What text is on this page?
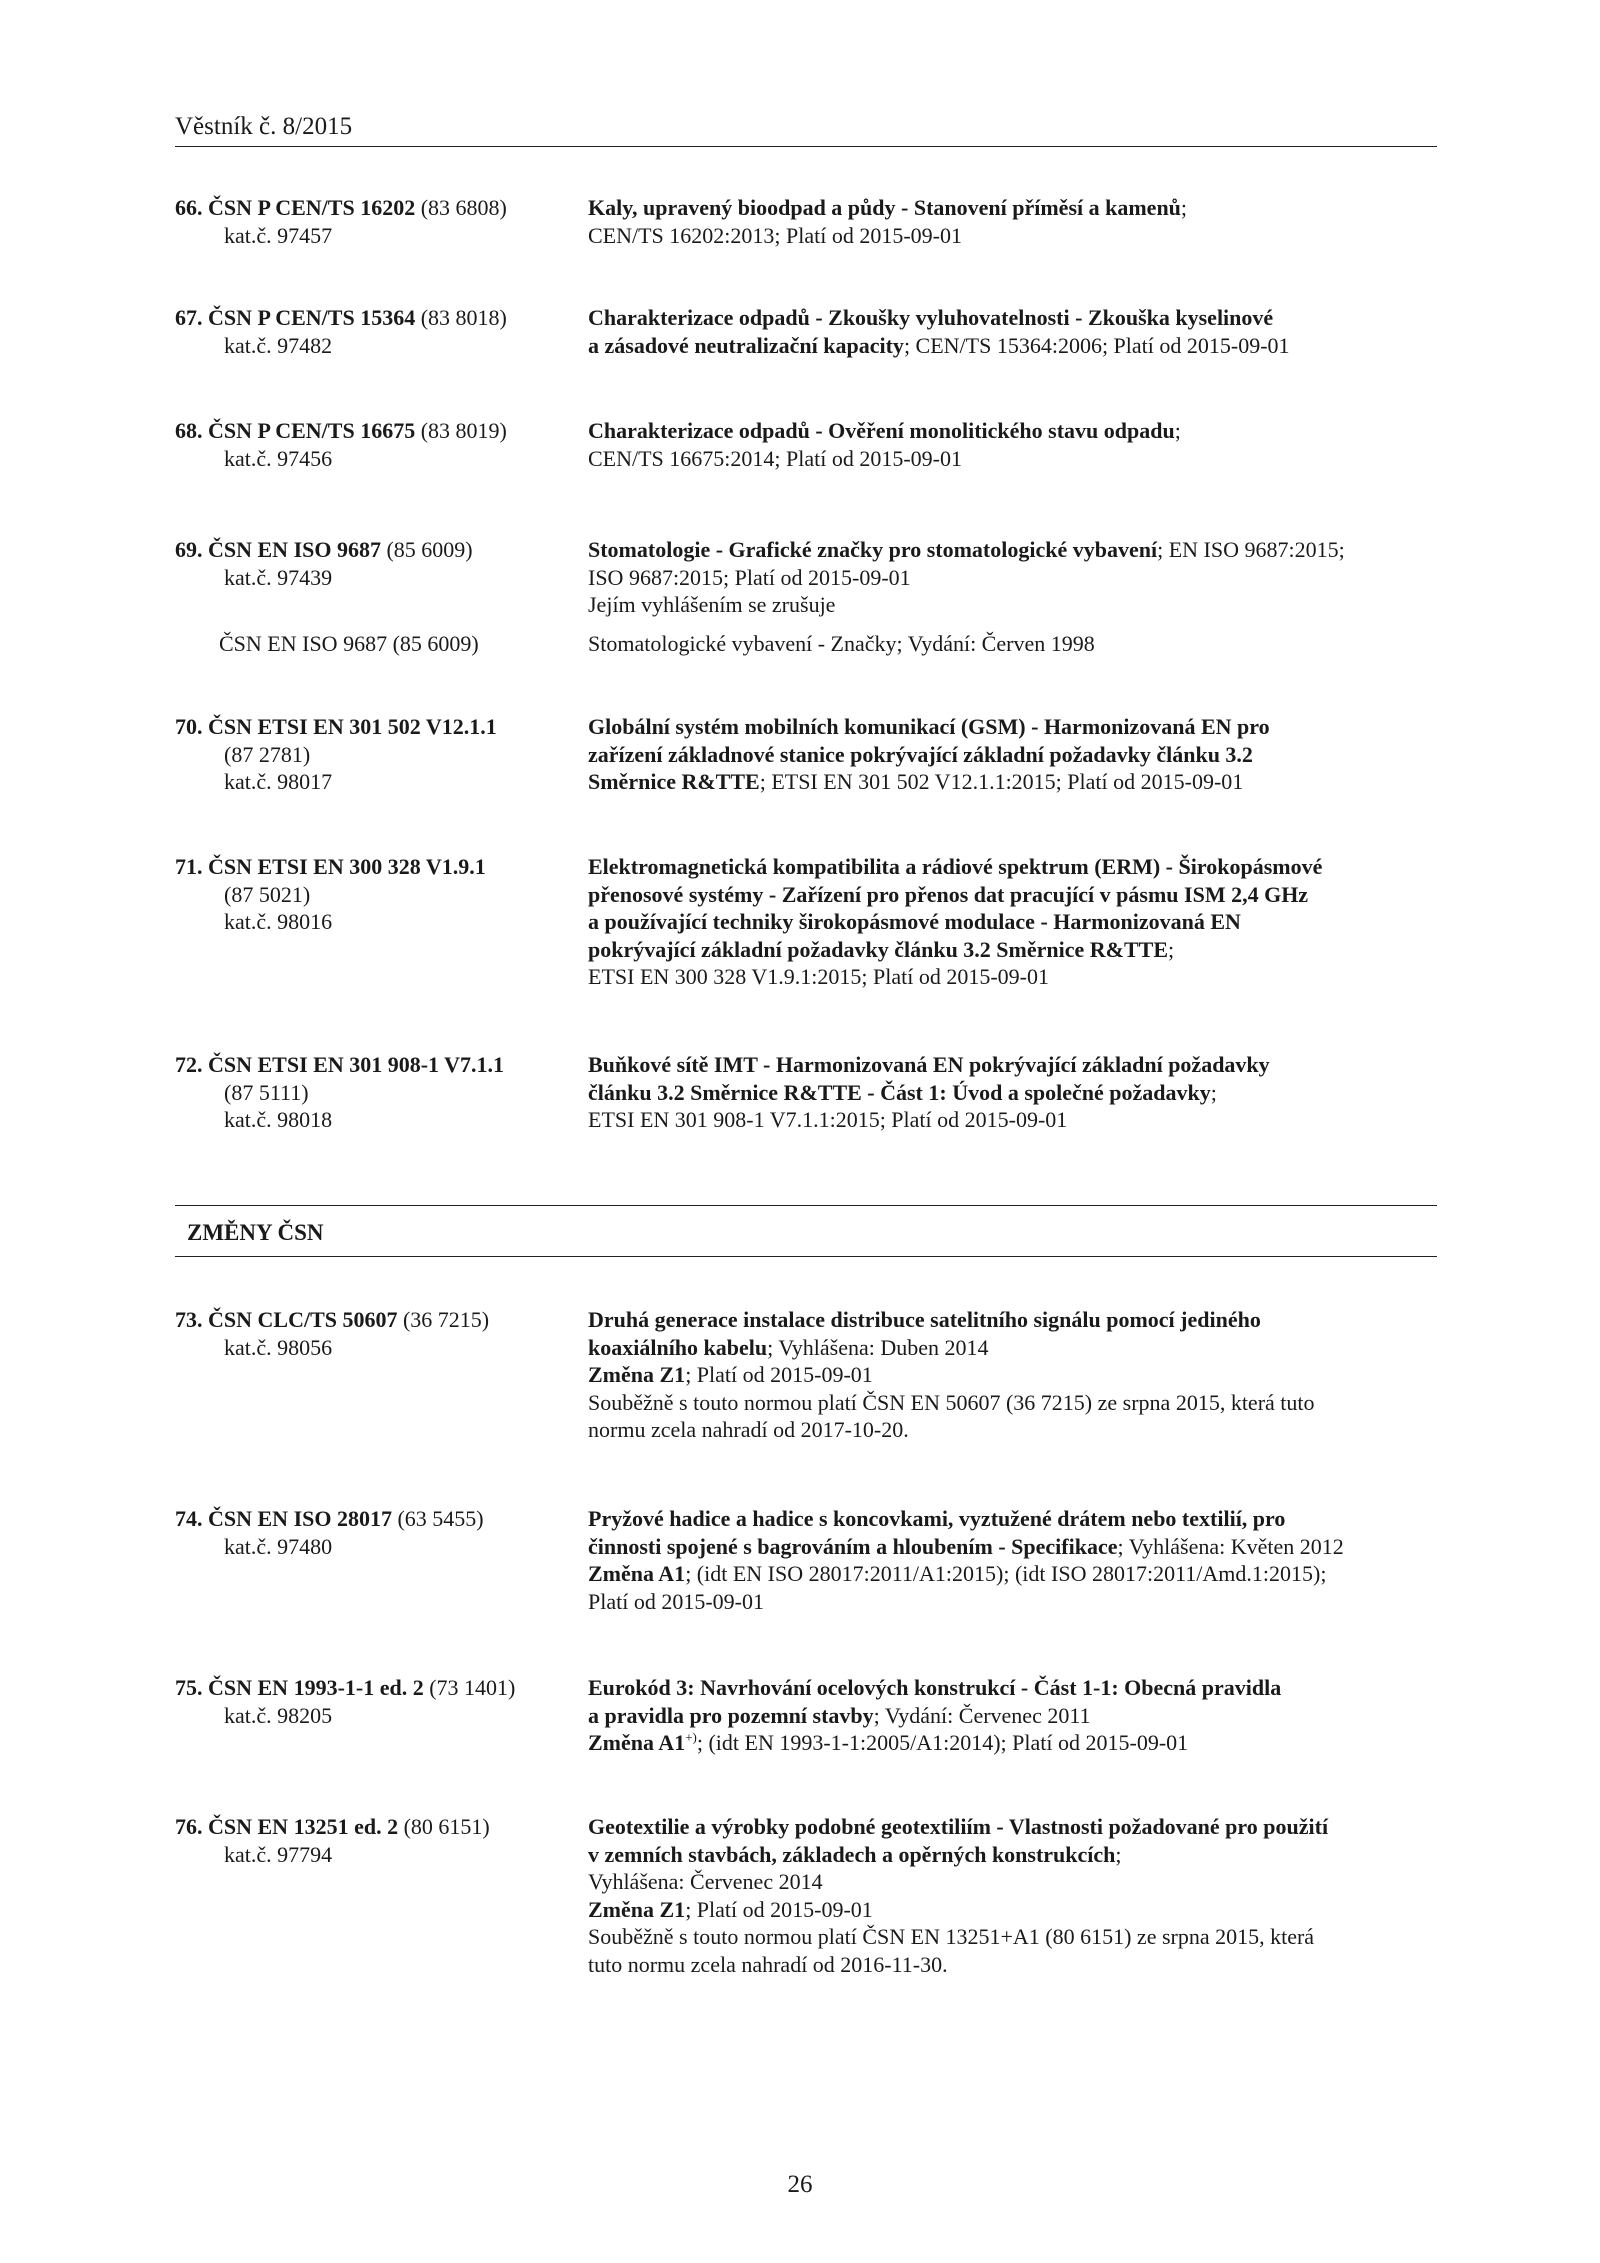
Věstník č. 8/2015
66. ČSN P CEN/TS 16202 (83 6808)
kat.č. 97457
Kaly, upravený bioodpad a půdy - Stanovení příměsí a kamenů;
CEN/TS 16202:2013; Platí od 2015-09-01
67. ČSN P CEN/TS 15364 (83 8018)
kat.č. 97482
Charakterizace odpadů - Zkoušky vyluhovatelnosti - Zkouška kyselinové
a zásadové neutralizační kapacity; CEN/TS 15364:2006; Platí od 2015-09-01
68. ČSN P CEN/TS 16675 (83 8019)
kat.č. 97456
Charakterizace odpadů - Ověření monolitického stavu odpadu;
CEN/TS 16675:2014; Platí od 2015-09-01
69. ČSN EN ISO 9687 (85 6009)
kat.č. 97439
Stomatologie - Grafické značky pro stomatologické vybavení; EN ISO 9687:2015;
ISO 9687:2015; Platí od 2015-09-01
Jejím vyhlášením se zrušuje
ČSN EN ISO 9687 (85 6009)	Stomatologické vybavení - Značky; Vydání: Červen 1998
70. ČSN ETSI EN 301 502 V12.1.1
(87 2781)
kat.č. 98017
Globální systém mobilních komunikací (GSM) - Harmonizovaná EN pro
zařízení základnové stanice pokrývající základní požadavky článku 3.2
Směrnice R&TTE; ETSI EN 301 502 V12.1.1:2015; Platí od 2015-09-01
71. ČSN ETSI EN 300 328 V1.9.1
(87 5021)
kat.č. 98016
Elektromagnetická kompatibilita a rádiové spektrum (ERM) - Širokopásmové
přenosové systémy - Zařízení pro přenos dat pracující v pásmu ISM 2,4 GHz
a používající techniky širokopásmové modulace - Harmonizovaná EN
pokrývající základní požadavky článku 3.2 Směrnice R&TTE;
ETSI EN 300 328 V1.9.1:2015; Platí od 2015-09-01
72. ČSN ETSI EN 301 908-1 V7.1.1
(87 5111)
kat.č. 98018
Buňkové sítě IMT - Harmonizovaná EN pokrývající základní požadavky
článku 3.2 Směrnice R&TTE - Část 1: Úvod a společné požadavky;
ETSI EN 301 908-1 V7.1.1:2015; Platí od 2015-09-01
ZMĚNY ČSN
73. ČSN CLC/TS 50607 (36 7215)
kat.č. 98056
Druhá generace instalace distribuce satelitního signálu pomocí jediného
koaxiálního kabelu; Vyhlášena: Duben 2014
Změna Z1; Platí od 2015-09-01
Souběžně s touto normou platí ČSN EN 50607 (36 7215) ze srpna 2015, která tuto
normu zcela nahradí od 2017-10-20.
74. ČSN EN ISO 28017 (63 5455)
kat.č. 97480
Pryžové hadice a hadice s koncovkami, vyztužené drátem nebo textilií, pro
činnosti spojené s bagrováním a hloubením - Specifikace; Vyhlášena: Květen 2012
Změna A1; (idt EN ISO 28017:2011/A1:2015); (idt ISO 28017:2011/Amd.1:2015);
Platí od 2015-09-01
75. ČSN EN 1993-1-1 ed. 2 (73 1401)
kat.č. 98205
Eurokód 3: Navrhování ocelových konstrukcí - Část 1-1: Obecná pravidla
a pravidla pro pozemní stavby; Vydání: Červenec 2011
Změna A1+); (idt EN 1993-1-1:2005/A1:2014); Platí od 2015-09-01
76. ČSN EN 13251 ed. 2 (80 6151)
kat.č. 97794
Geotextilie a výrobky podobné geotextiliím - Vlastnosti požadované pro použití
v zemních stavbách, základech a opěrných konstrukcích;
Vyhlášena: Červenec 2014
Změna Z1; Platí od 2015-09-01
Souběžně s touto normou platí ČSN EN 13251+A1 (80 6151) ze srpna 2015, která
tuto normu zcela nahradí od 2016-11-30.
26
